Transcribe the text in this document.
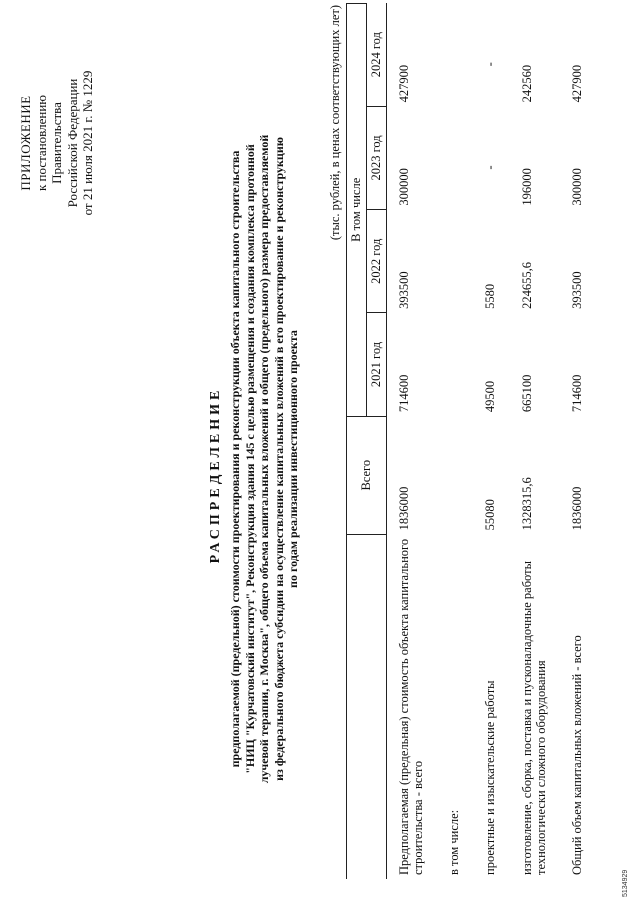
ПРИЛОЖЕНИЕ к постановлению Правительства Российской Федерации от 21 июля 2021 г. № 1229
РАСПРЕДЕЛЕНИЕ предполагаемой (предельной) стоимости проектирования и реконструкции объекта капитального строительства "НИЦ "Курчатовский институт", Реконструкция здания 145 с целью размещения и создания комплекса протонной лучевой терапии, г. Москва", общего объема капитальных вложений и общего (предельного) размера предоставляемой из федерального бюджета субсидии на осуществление капитальных вложений в его проектирование и реконструкцию по годам реализации инвестиционного проекта
(тыс. рублей, в ценах соответствующих лет)
	Всего	В том числе			
		2021 год	2022 год	2023 год	2024 год

Предполагаемая (предельная) стоимость объекта капитального строительства - всего	1836000	714600	393500	300000	427900

в том числе:					

проектные и изыскательские работы	55080	49500	5580	-	-

изготовление, сборка, поставка и пусконаладочные работы технологически сложного оборудования	1328315,6	665100	224655,6	196000	242560

Общий объем капитальных вложений - всего	1836000	714600	393500	300000	427900
5134929
